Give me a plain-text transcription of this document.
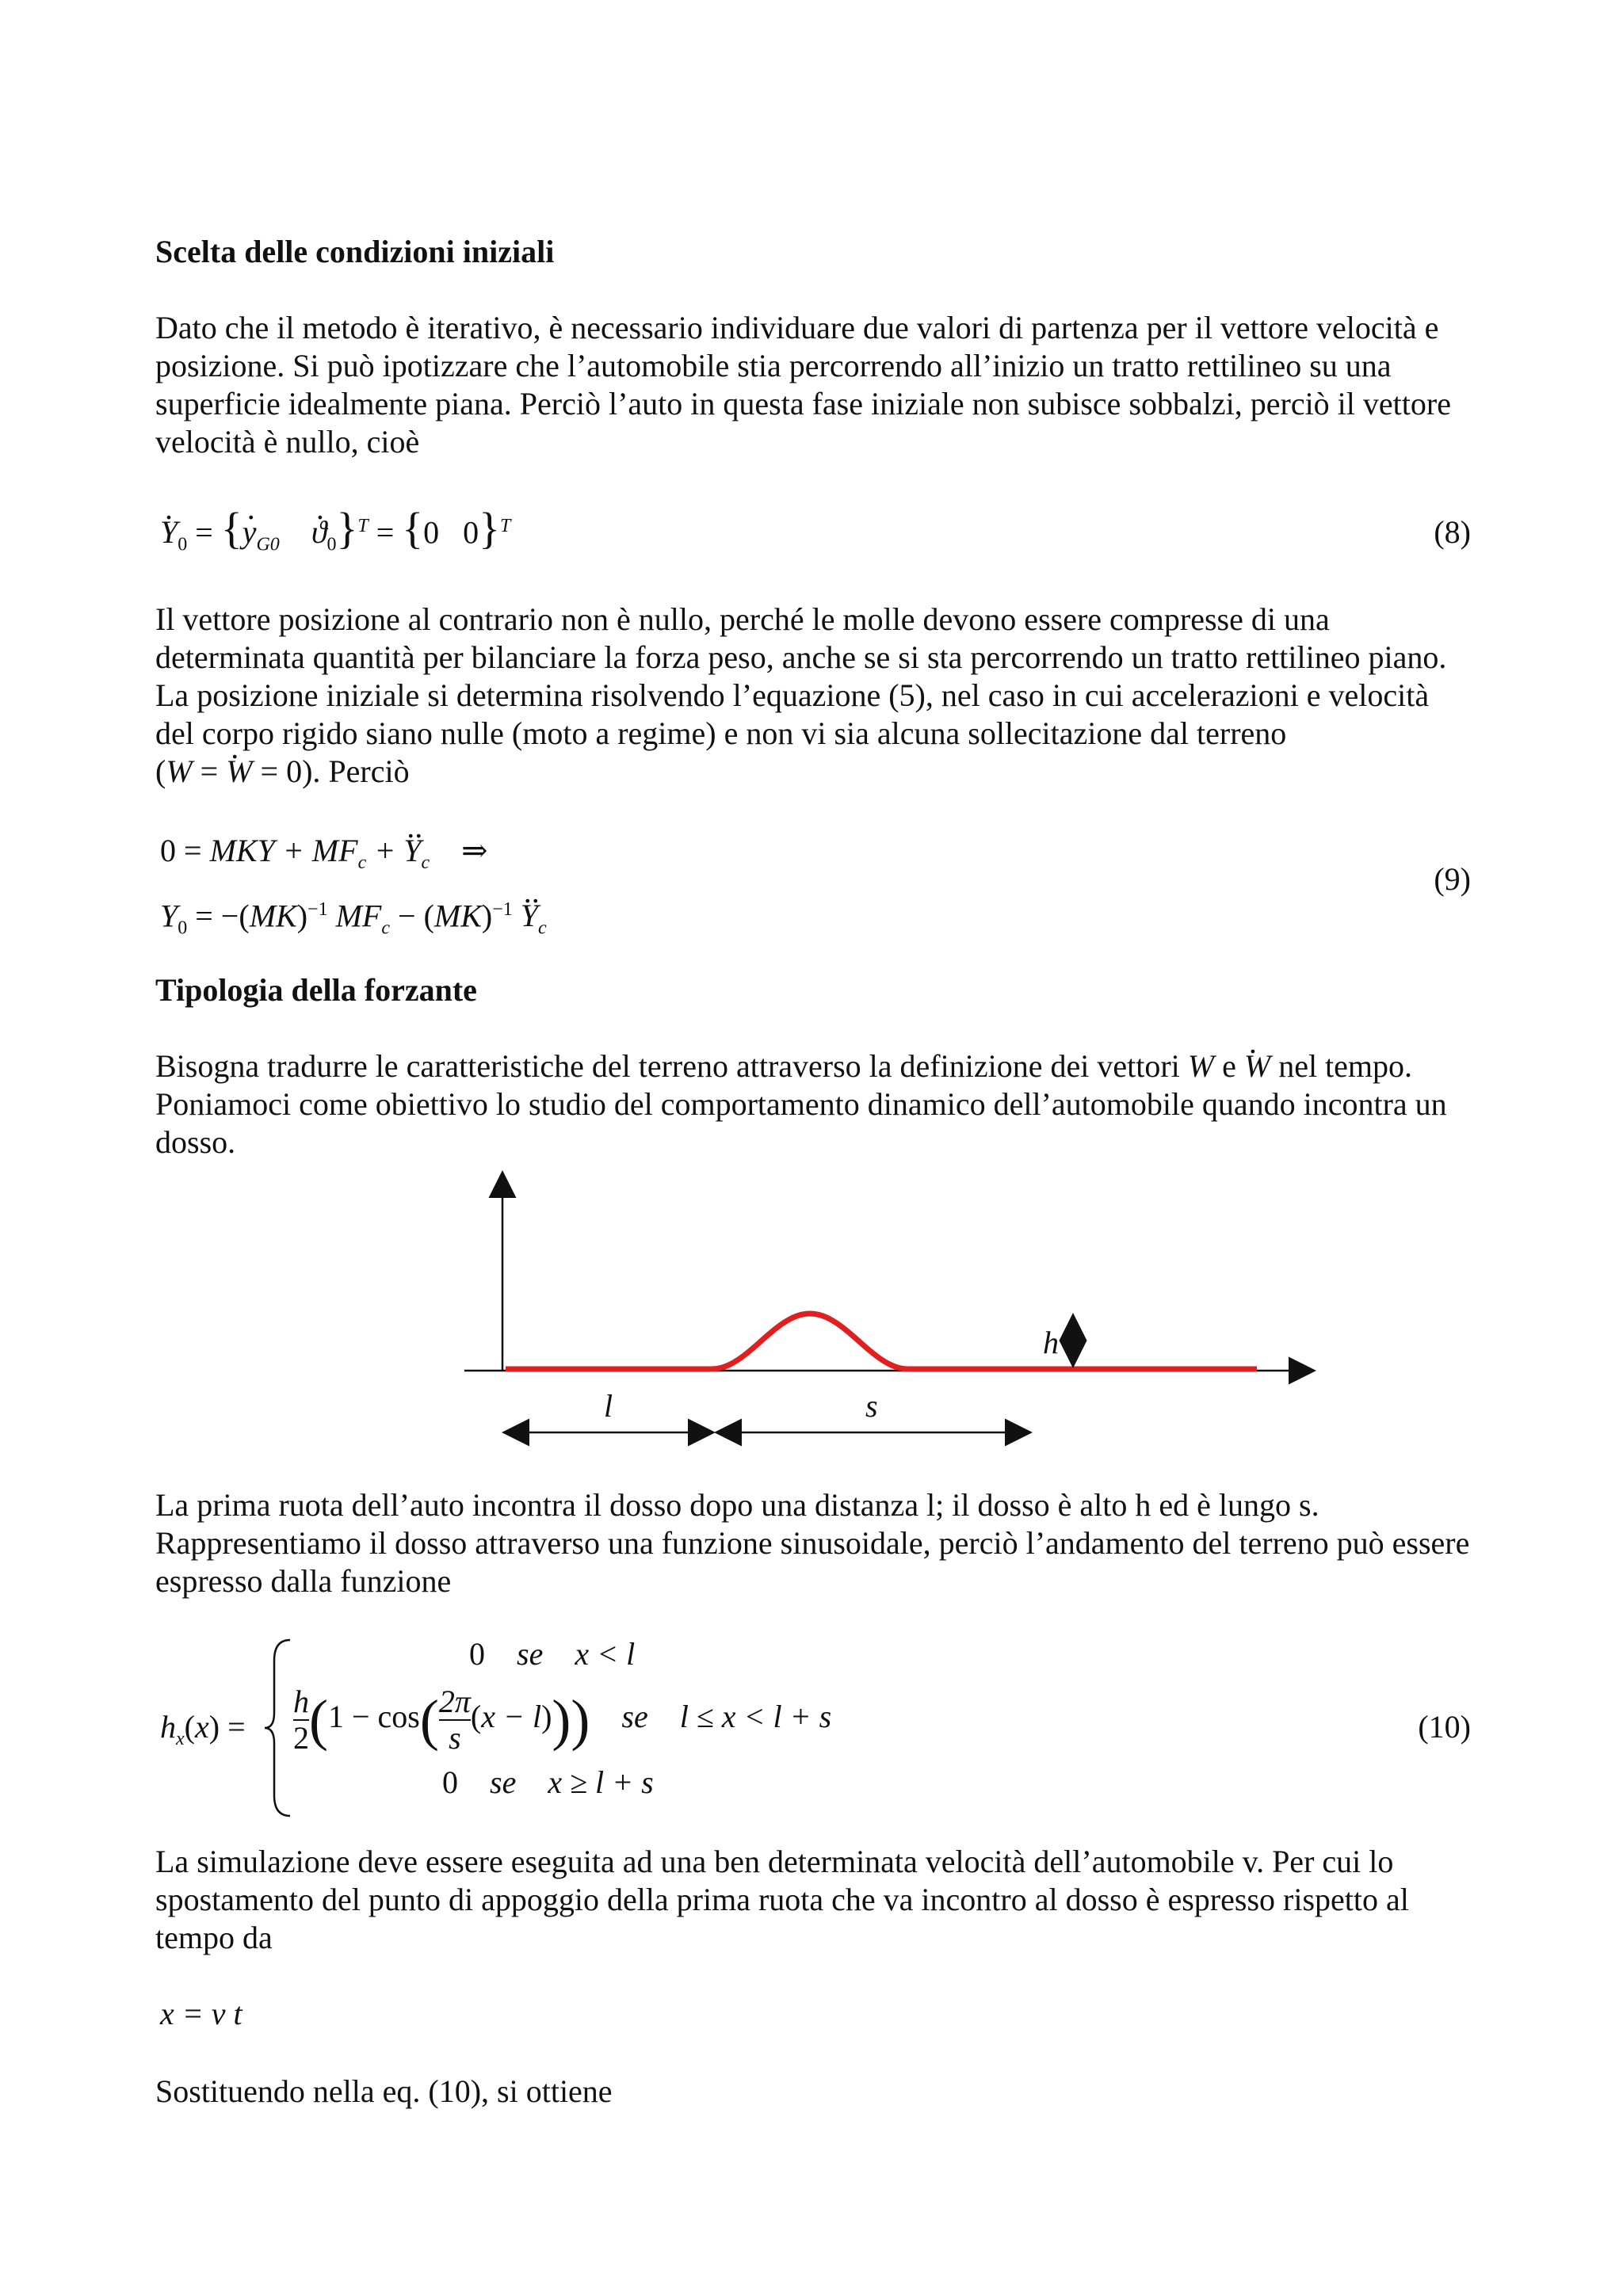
Scelta delle condizioni iniziali

Dato che il metodo è iterativo, è necessario individuare due valori di partenza per il vettore velocità e posizione. Si può ipotizzare che l’automobile stia percorrendo all’inizio un tratto rettilineo su una superficie idealmente piana. Perciò l’auto in questa fase iniziale non subisce sobbalzi, perciò il vettore velocità è nullo, cioè

. $Y_0$ = {. $y_{G0}$ . $ϑ_0\}^T = \{0$   0}$^T$	(8)

Il vettore posizione al contrario non è nullo, perché le molle devono essere compresse di una determinata quantità per bilanciare la forza peso, anche se si sta percorrendo un tratto rettilineo piano. La posizione iniziale si determina risolvendo l’equazione (5), nel caso in cui accelerazioni e velocità del corpo rigido siano nulle (moto a regime) e non vi sia alcuna sollecitazione dal terreno

(W = . W = 0). Perciò
0 = MKY + $MF_c$ + .. $Y_c$ ⇒
$Y_0 = -(MK)^{-1}$ $MF_c - (MK)^{-1}$ .. $Y_c$
(9)

Tipologia della forzante

Bisogna tradurre le caratteristiche del terreno attraverso la definizione dei vettori W e . W nel tempo. Poniamoci come obiettivo lo studio del comportamento dinamico dell’automobile quando incontra un dosso.

h
l	s

La prima ruota dell’auto incontra il dosso dopo una distanza l; il dosso è alto h ed è lungo s. Rappresentiamo il dosso attraverso una funzione sinusoidale, perciò l’andamento del terreno può essere espresso dalla funzione

$h_x(x)$ =
0    se    x < l
$\frac{h}{2} (1 - \cos( \frac{2\pi}{s} (x - l)))$    se    l ≤ x < l + s
0    se    x ≥ l + s
(10)

La simulazione deve essere eseguita ad una ben determinata velocità dell’automobile v. Per cui lo spostamento del punto di appoggio della prima ruota che va incontro al dosso è espresso rispetto al tempo da

x = v t

Sostituendo nella eq. (10), si ottiene
